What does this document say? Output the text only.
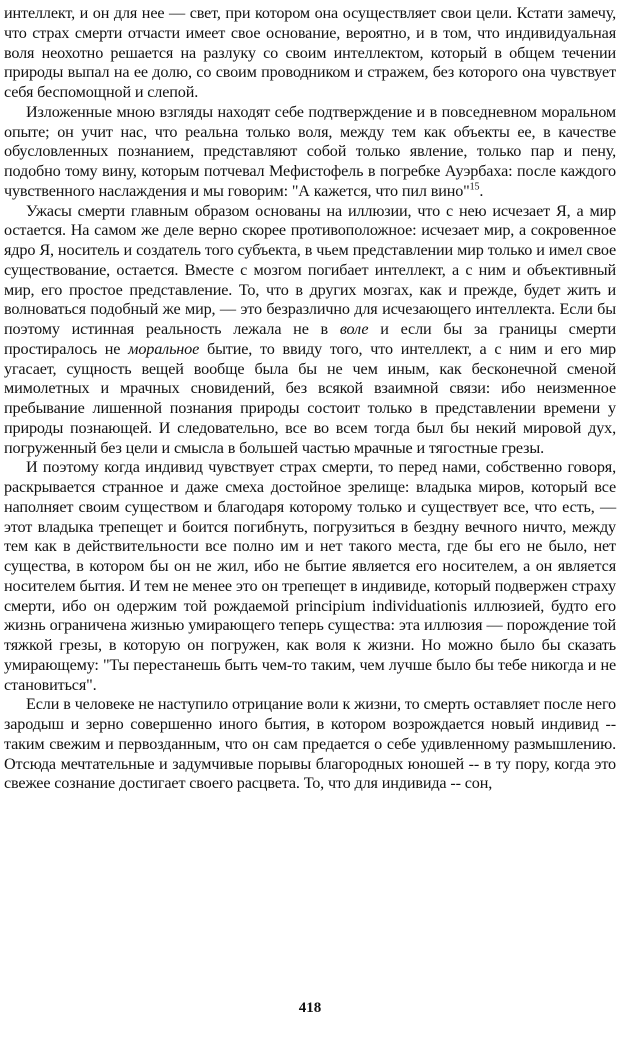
интеллект, и он для нее — свет, при котором она осуществляет свои цели. Кстати замечу, что страх смерти отчасти имеет свое основание, вероятно, и в том, что индивидуальная воля неохотно решается на разлуку со своим интеллектом, который в общем течении природы выпал на ее долю, со своим проводником и стражем, без которого она чувствует себя беспомощной и слепой.

Изложенные мною взгляды находят себе подтверждение и в повседневном моральном опыте; он учит нас, что реальна только воля, между тем как объекты ее, в качестве обусловленных познанием, представляют собой только явление, только пар и пену, подобно тому вину, которым потчевал Мефистофель в погребке Ауэрбаха: после каждого чувственного наслаждения и мы говорим: "А кажется, что пил вино"$^{15}$.

Ужасы смерти главным образом основаны на иллюзии, что с нею исчезает Я, а мир остается. На самом же деле верно скорее противоположное: исчезает мир, а сокровенное ядро Я, носитель и создатель того субъекта, в чьем представлении мир только и имел свое существование, остается. Вместе с мозгом погибает интеллект, а с ним и объективный мир, его простое представление. То, что в других мозгах, как и прежде, будет жить и волноваться подобный же мир, — это безразлично для исчезающего интеллекта. Если бы поэтому истинная реальность лежала не в воле и если бы за границы смерти простиралось не моральное бытие, то ввиду того, что интеллект, а с ним и его мир угасает, сущность вещей вообще была бы не чем иным, как бесконечной сменой мимолетных и мрачных сновидений, без всякой взаимной связи: ибо неизменное пребывание лишенной познания природы состоит только в представлении времени у природы познающей. И следовательно, все во всем тогда был бы некий мировой дух, погруженный без цели и смысла в большей частью мрачные и тягостные грезы.

И поэтому когда индивид чувствует страх смерти, то перед нами, собственно говоря, раскрывается странное и даже смеха достойное зрелище: владыка миров, который все наполняет своим существом и благодаря которому только и существует все, что есть, — этот владыка трепещет и боится погибнуть, погрузиться в бездну вечного ничто, между тем как в действительности все полно им и нет такого места, где бы его не было, нет существа, в котором бы он не жил, ибо не бытие является его носителем, а он является носителем бытия. И тем не менее это он трепещет в индивиде, который подвержен страху смерти, ибо он одержим той рождаемой principium individuationis иллюзией, будто его жизнь ограничена жизнью умирающего теперь существа: эта иллюзия — порождение той тяжкой грезы, в которую он погружен, как воля к жизни. Но можно было бы сказать умирающему: "Ты перестанешь быть чем-то таким, чем лучше было бы тебе никогда и не становиться".

Если в человеке не наступило отрицание воли к жизни, то смерть оставляет после него зародыш и зерно совершенно иного бытия, в котором возрождается новый индивид -- таким свежим и первозданным, что он сам предается о себе удивленному размышлению. Отсюда мечтательные и задумчивые порывы благородных юношей -- в ту пору, когда это свежее сознание достигает своего расцвета. То, что для индивида -- сон,

418
